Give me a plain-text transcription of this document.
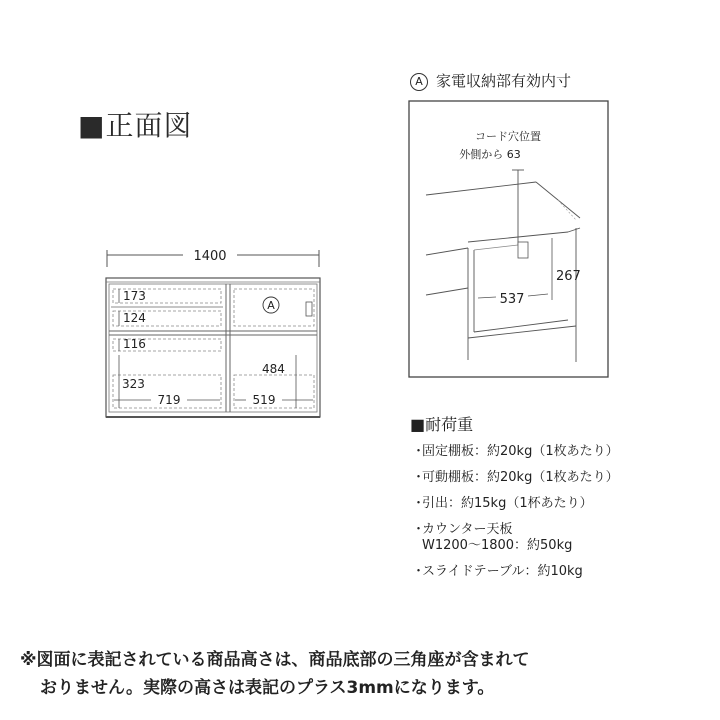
■正面図
1400
A
173
124
116
323
484
719	519
A 家電収納部有効内寸
コード穴位置
外側から 63
267
537
■耐荷重
・固定棚板：約20kg（1枚あたり）
・可動棚板：約20kg（1枚あたり）
・引出：約15kg（1杯あたり）
・カウンター天板
W1200〜1800：約50kg
・スライドテーブル：約10kg
※図面に表記されている商品高さは、商品底部の三角座が含まれて
おりません。実際の高さは表記のプラス3mmになります。
